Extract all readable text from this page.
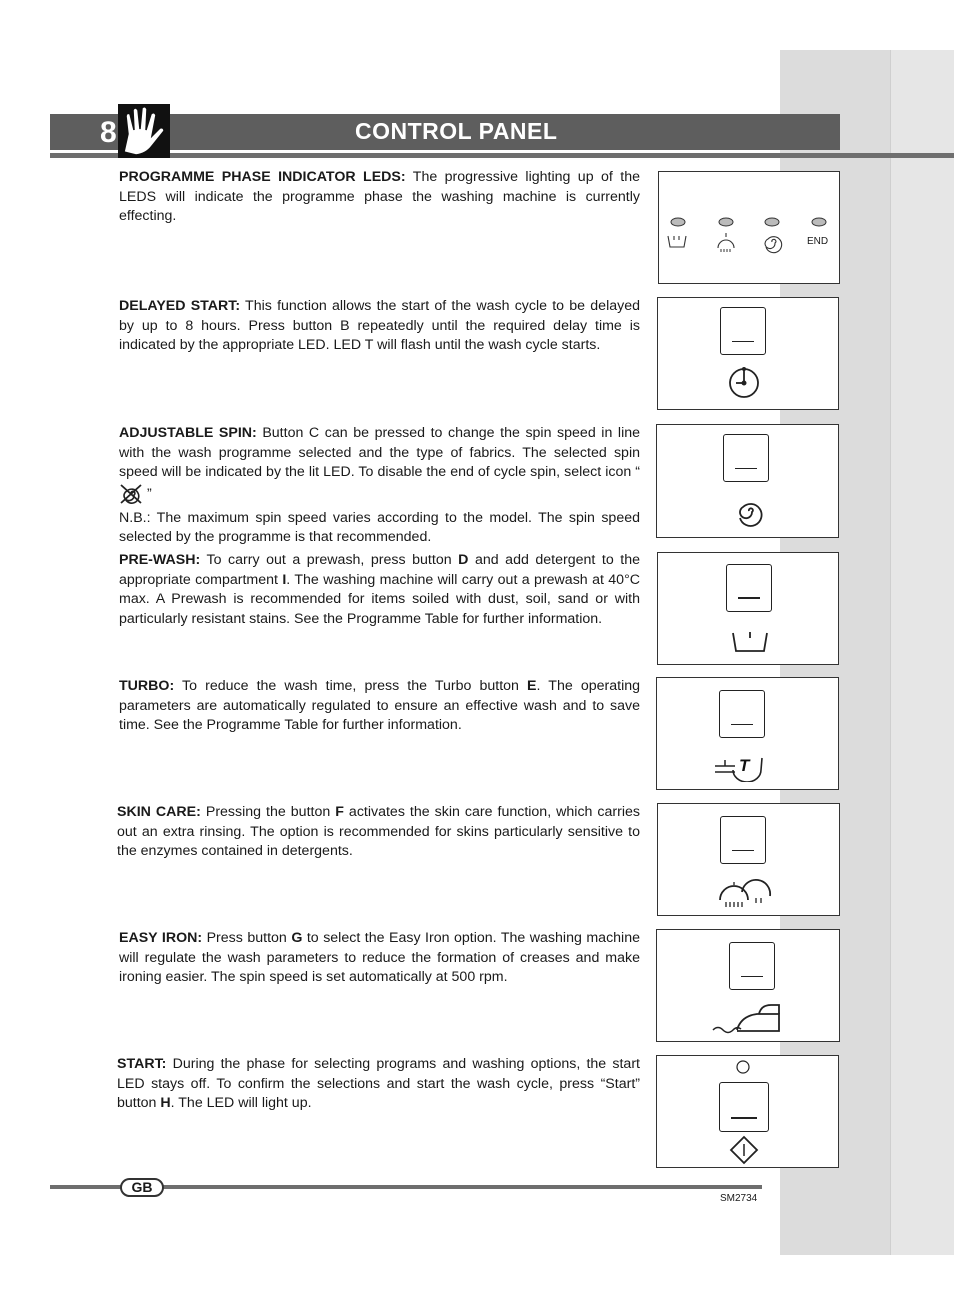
8	CONTROL PANEL

PROGRAMME PHASE INDICATOR LEDS: The progressive lighting up of the LEDS will indicate the programme phase the washing machine is currently effecting.

END

DELAYED START: This function allows the start of the wash cycle to be delayed by up to 8 hours. Press button B repeatedly until the required delay time is indicated by the appropriate LED. LED T will flash until the wash cycle starts.

ADJUSTABLE SPIN: Button C can be pressed to change the spin speed in line with the wash programme selected and the type of fabrics. The selected spin speed will be indicated by the lit LED. To disable the end of cycle spin, select icon “ ”

N.B.: The maximum spin speed varies according to the model. The spin speed selected by the programme is that recommended.

PRE-WASH: To carry out a prewash, press button D and add detergent to the appropriate compartment I. The washing machine will carry out a prewash at 40°C max. A Prewash is recommended for items soiled with dust, soil, sand or with particularly resistant stains. See the Programme Table for further information.

TURBO: To reduce the wash time, press the Turbo button E. The operating parameters are automatically regulated to ensure an effective wash and to save time. See the Programme Table for further information.

T

SKIN CARE: Pressing the button F activates the skin care function, which carries out an extra rinsing. The option is recommended for skins particularly sensitive to the enzymes contained in detergents.

EASY IRON: Press button G to select the Easy Iron option. The washing machine will regulate the wash parameters to reduce the formation of creases and make ironing easier. The spin speed is set automatically at 500 rpm.

START: During the phase for selecting programs and washing options, the start LED stays off. To confirm the selections and start the wash cycle, press “Start” button H. The LED will light up.

GB
SM2734
